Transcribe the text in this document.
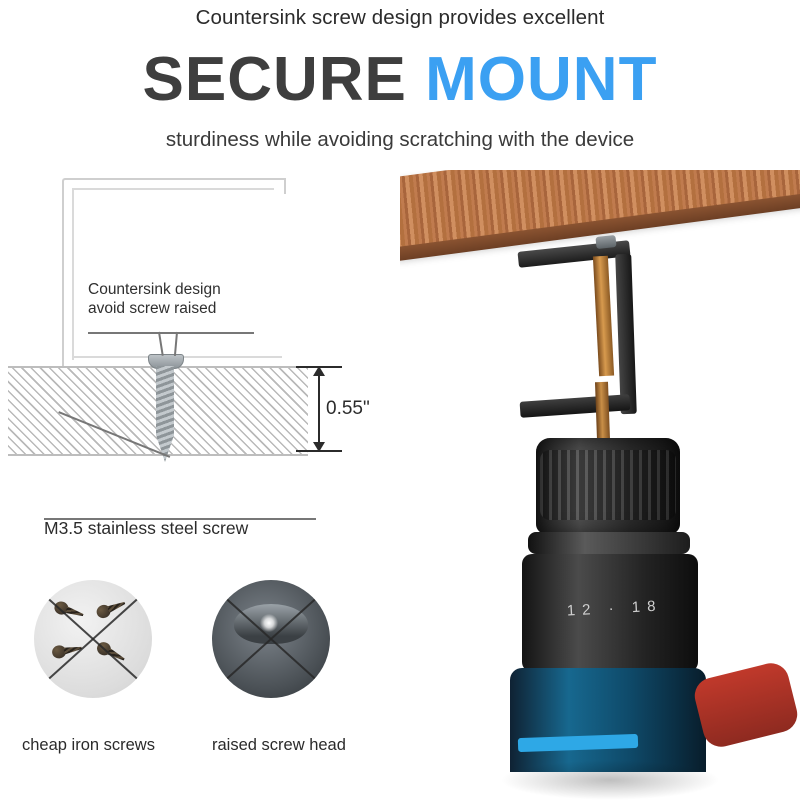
Countersink screw design provides excellent
SECURE MOUNT
sturdiness while avoiding scratching with the device
Countersink design avoid screw raised
0.55"
M3.5 stainless steel screw
cheap iron screws	raised screw head
12 · 18
